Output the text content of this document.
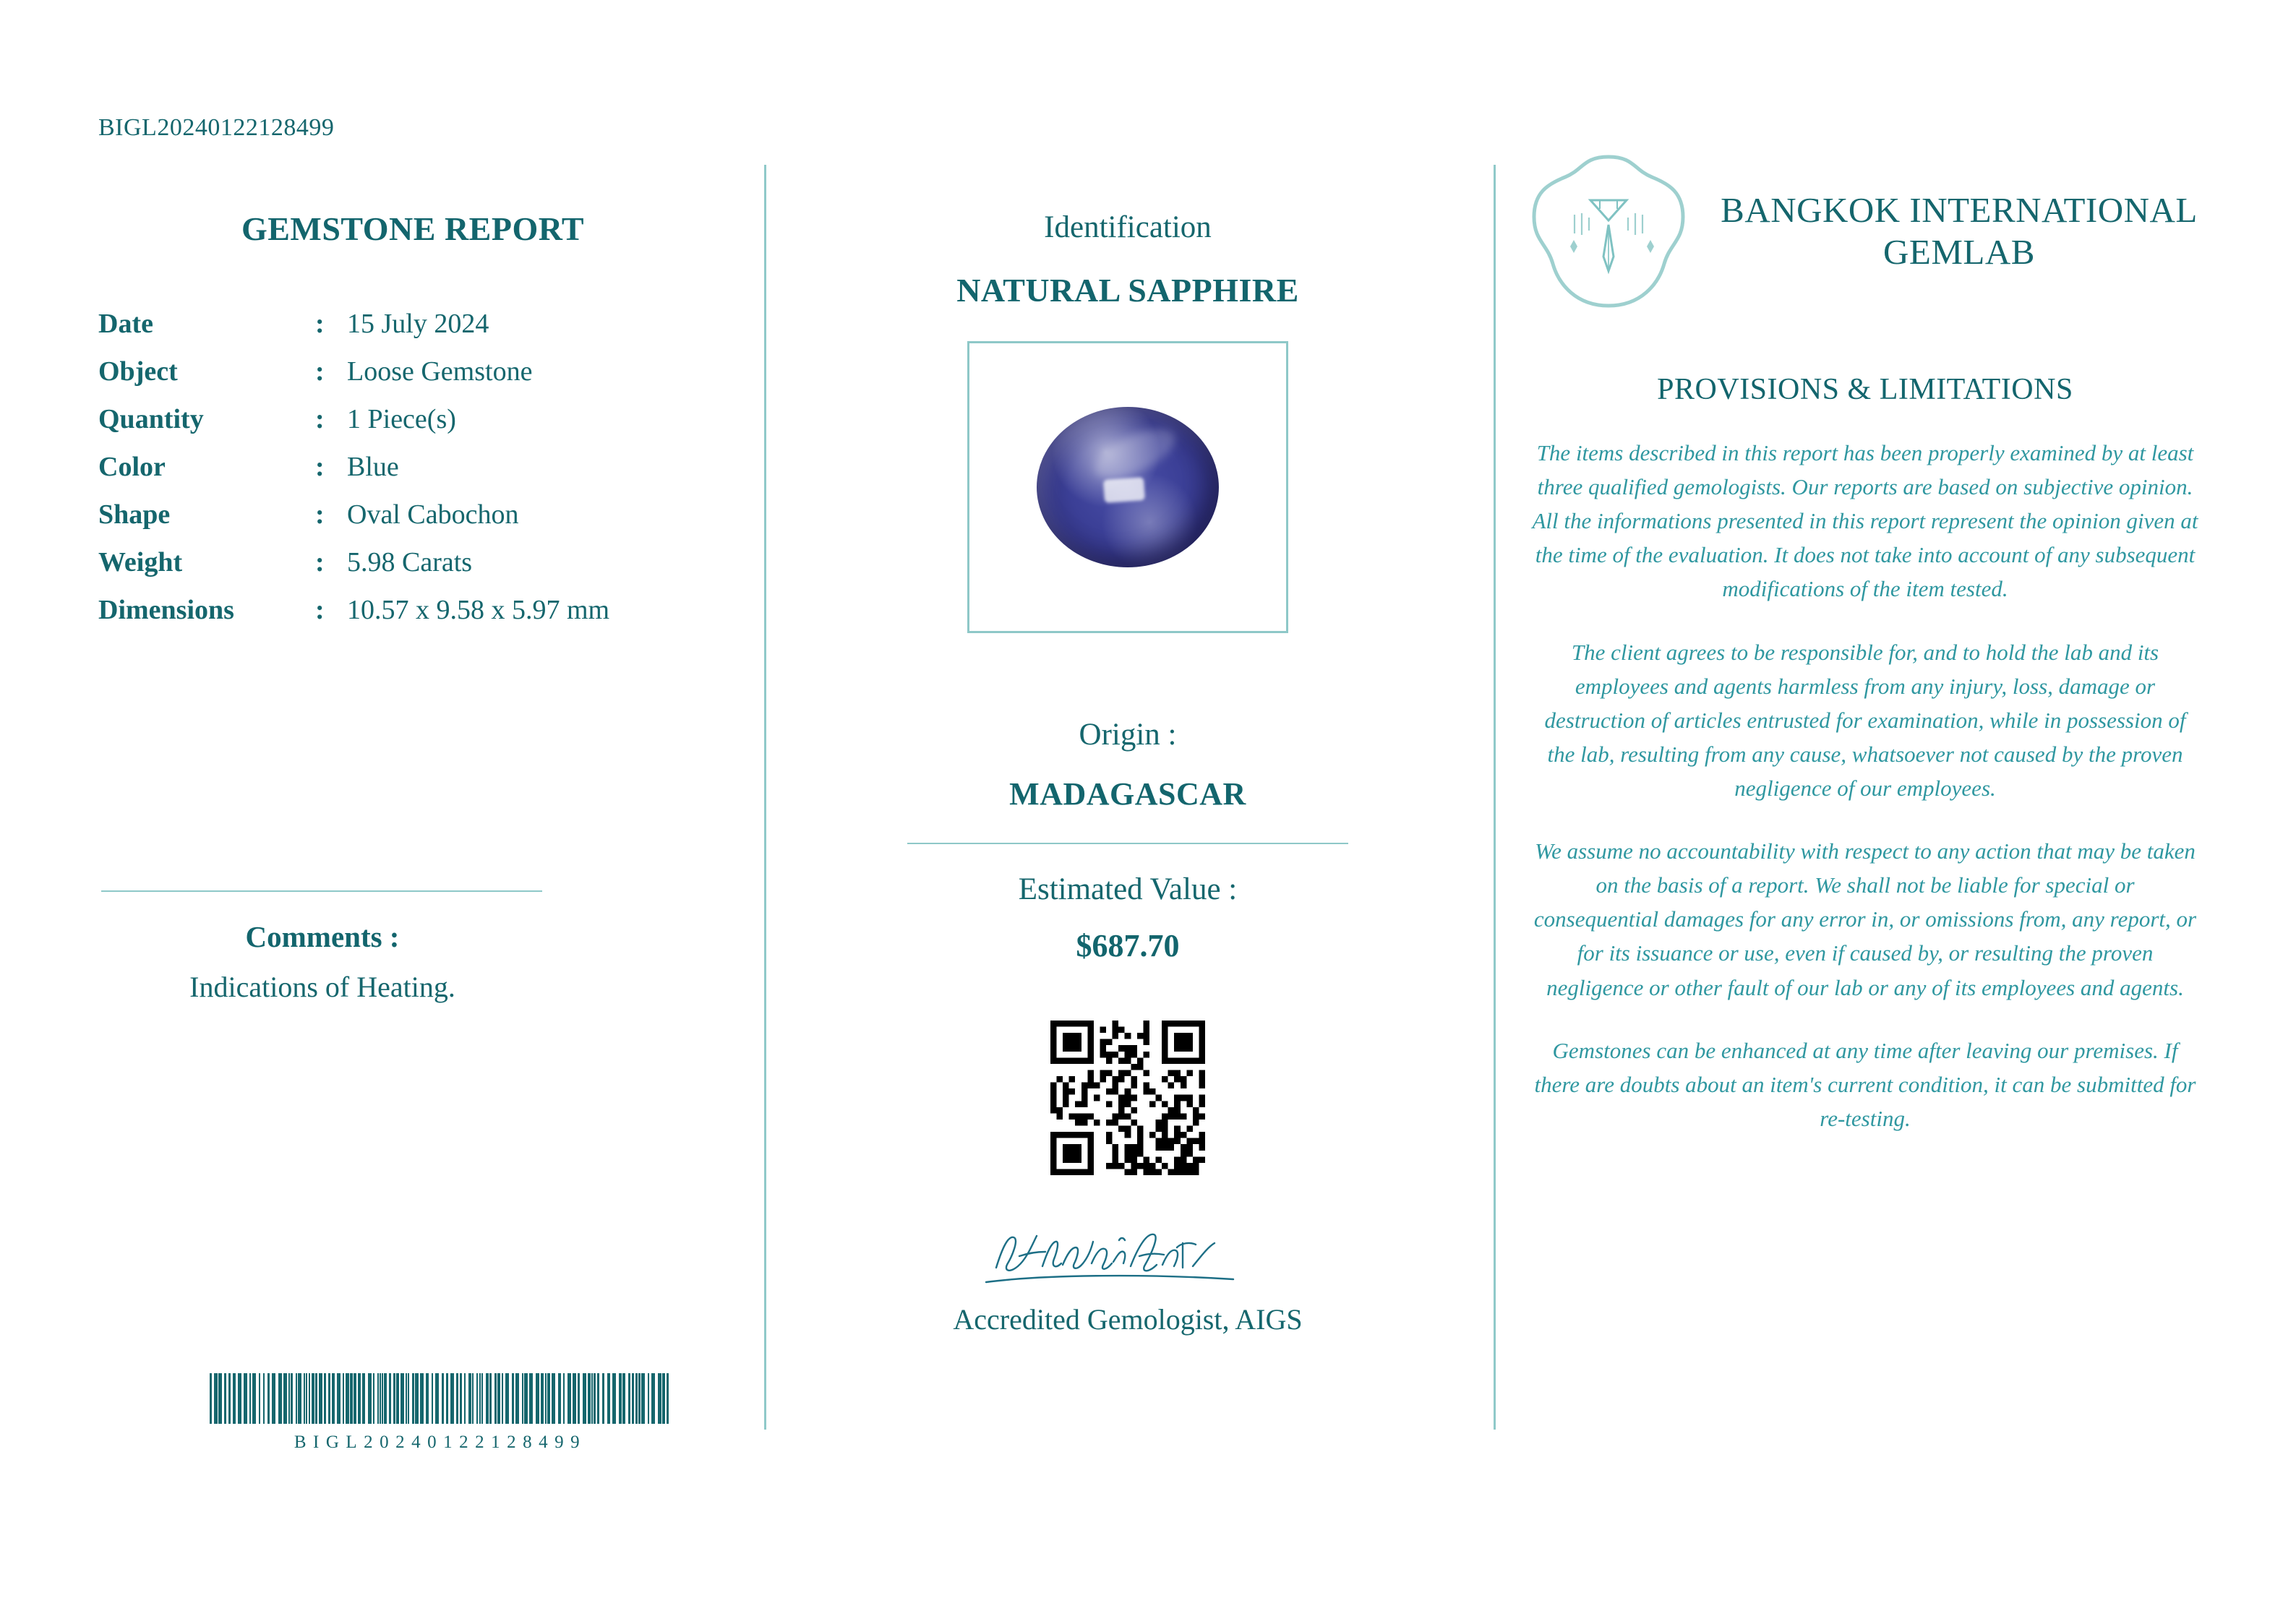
BIGL20240122128499
GEMSTONE REPORT
Date	:	15 July 2024
Object	:	Loose Gemstone
Quantity	:	1 Piece(s)
Color	:	Blue
Shape	:	Oval Cabochon
Weight	:	5.98 Carats
Dimensions	:	10.57 x 9.58 x 5.97 mm
Comments :
Indications of Heating.
BIGL20240122128499
Identification
NATURAL SAPPHIRE
Origin :
MADAGASCAR
Estimated Value :
$687.70
Accredited Gemologist, AIGS
BANGKOK INTERNATIONAL GEMLAB
PROVISIONS & LIMITATIONS
The items described in this report has been properly examined by at least three qualified gemologists. Our reports are based on subjective opinion. All the informations presented in this report represent the opinion given at the time of the evaluation. It does not take into account of any subsequent modifications of the item tested.
The client agrees to be responsible for, and to hold the lab and its employees and agents harmless from any injury, loss, damage or destruction of articles entrusted for examination, while in possession of the lab, resulting from any cause, whatsoever not caused by the proven negligence of our employees.
We assume no accountability with respect to any action that may be taken on the basis of a report. We shall not be liable for special or consequential damages for any error in, or omissions from, any report, or for its issuance or use, even if caused by, or resulting the proven negligence or other fault of our lab or any of its employees and agents.
Gemstones can be enhanced at any time after leaving our premises. If there are doubts about an item's current condition, it can be submitted for re-testing.
